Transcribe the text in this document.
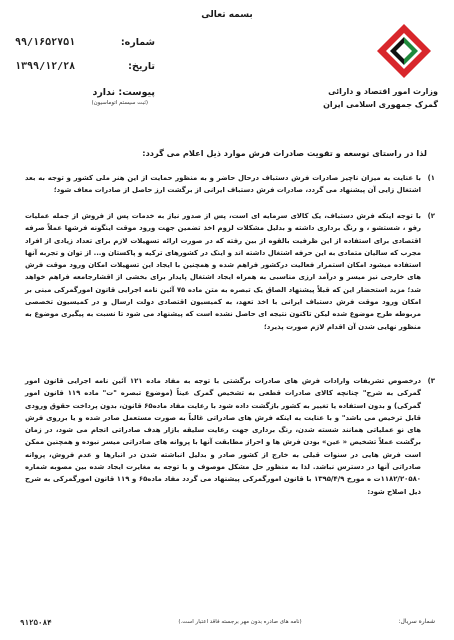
بسمه تعالی
شماره:
۹۹/۱۶۵۲۷۵۱
تاریخ:
۱۳۹۹/۱۲/۲۸
پیوست: ندارد
(ثبت سیستم اتوماسیون)
وزارت امور اقتصاد و دارائی
گمرک جمهوری اسلامی ایران
لذا در راستای توسعه و تقویت صادرات فرش موارد ذیل اعلام می گردد:
۱)
با عنایت به میزان ناچیز صادرات فرش دستباف درحال حاضر و به منظور حمایت از این هنر ملی کشور و توجه به بعد اشتغال زایی آن پیشنهاد می گردد، صادرات فرش دستباف ایرانی از برگشت ارز حاصل از صادرات معاف شود؛
۲)
با توجه اینکه فرش دستباف، یک کالای سرمایه ای است، پس از صدور نیاز به خدمات پس از فروش از جمله عملیات رفو ، شستشو ، و رنگ برداری داشته و بدلیل مشکلات لزوم اخذ تضمین جهت ورود موقت اینگونه فرشها عملاً صرفه اقتصادی برای استفاده از این ظرفیت بالقوه از بین رفته که در صورت ارائه تسهیلات لازم برای تعداد زیادی از افراد مجرب که سالیان متمادی به این حرفه اشتغال داشته اند و اینک در کشورهای ترکیه و پاکستان و... از توان و تجربه آنها استفاده میشود امکان استمرار فعالیت درکشور فراهم شده و همچنین با ایجاد این تسهیلات امکان ورود موقت فرش های خارجی نیز میسر و درآمد ارزی مناسبی به همراه ایجاد اشتغال پایدار برای بخشی از اقشارجامعه فراهم خواهد شد؛ مزید استحضار این که قبلاً پیشنهاد الصاق یک تبصره به متن ماده ۷۵ آئین نامه اجرایی قانون امورگمرکی مبنی بر امکان ورود موقت فرش دستباف ایرانی با اخذ تعهد، به کمیسیون اقتصادی دولت ارسال و در کمیسیون تخصصی مربوطه طرح موضوع شده لیکن تاکنون نتیجه ای حاصل نشده است که پیشنهاد می شود تا نسبت به پیگیری موضوع به منظور نهایی شدن آن اقدام لازم صورت پذیرد؛
۳)
درخصوص تشریفات وارادات فرش های صادرات برگشتی با توجه به مفاد ماده ۱۲۱ آئین نامه اجرایی قانون امور گمرکی به شرح" چنانچه کالای صادرات قطعی به تشخیص گمرک عیناً (موضوع تبصره "ت" ماده ۱۱۹ قانون امور گمرکی) و بدون استفاده یا تغییر به کشور بازگشت داده شود با رعایت مفاد ماده۶۵ قانون، بدون پرداخت حقوق ورودی قابل ترخیص می باشد" و با عنایت به اینکه فرش های صادراتی غالباً به صورت مستعمل صادر شده و یا برروی فرش های نو عملیاتی همانند شسته شدن، رنگ برداری جهت رعایت سلیقه بازار هدف صادراتی انجام می شود، در زمان برگشت عملاً تشخیص « عین» بودن فرش ها و احراز مطابقت آنها با پروانه های صادراتی میسر نبوده و همچنین ممکن است فرش هایی در سنوات قبلی به خارج از کشور صادر و بدلیل انباشته شدن در انبارها و عدم فروش، پروانه صادراتی آنها در دسترس نباشد. لذا به منظور حل مشکل موصوف و با توجه به مغایرت ایجاد شده بین مصوبه شماره ۱۱۸۲/۲۰۵۸۰ت ه مورخ ۱۳۹۵/۴/۹ با قانون امورگمرکی پیشنهاد می گردد مفاد ماده۶۵ و ۱۱۹ قانون امورگمرکی به شرح ذیل اصلاح شود:
۹۱۲۵۰۸۴	(نامه های صادره بدون مهر برجسته فاقد اعتبار است.)	شماره سریال:
